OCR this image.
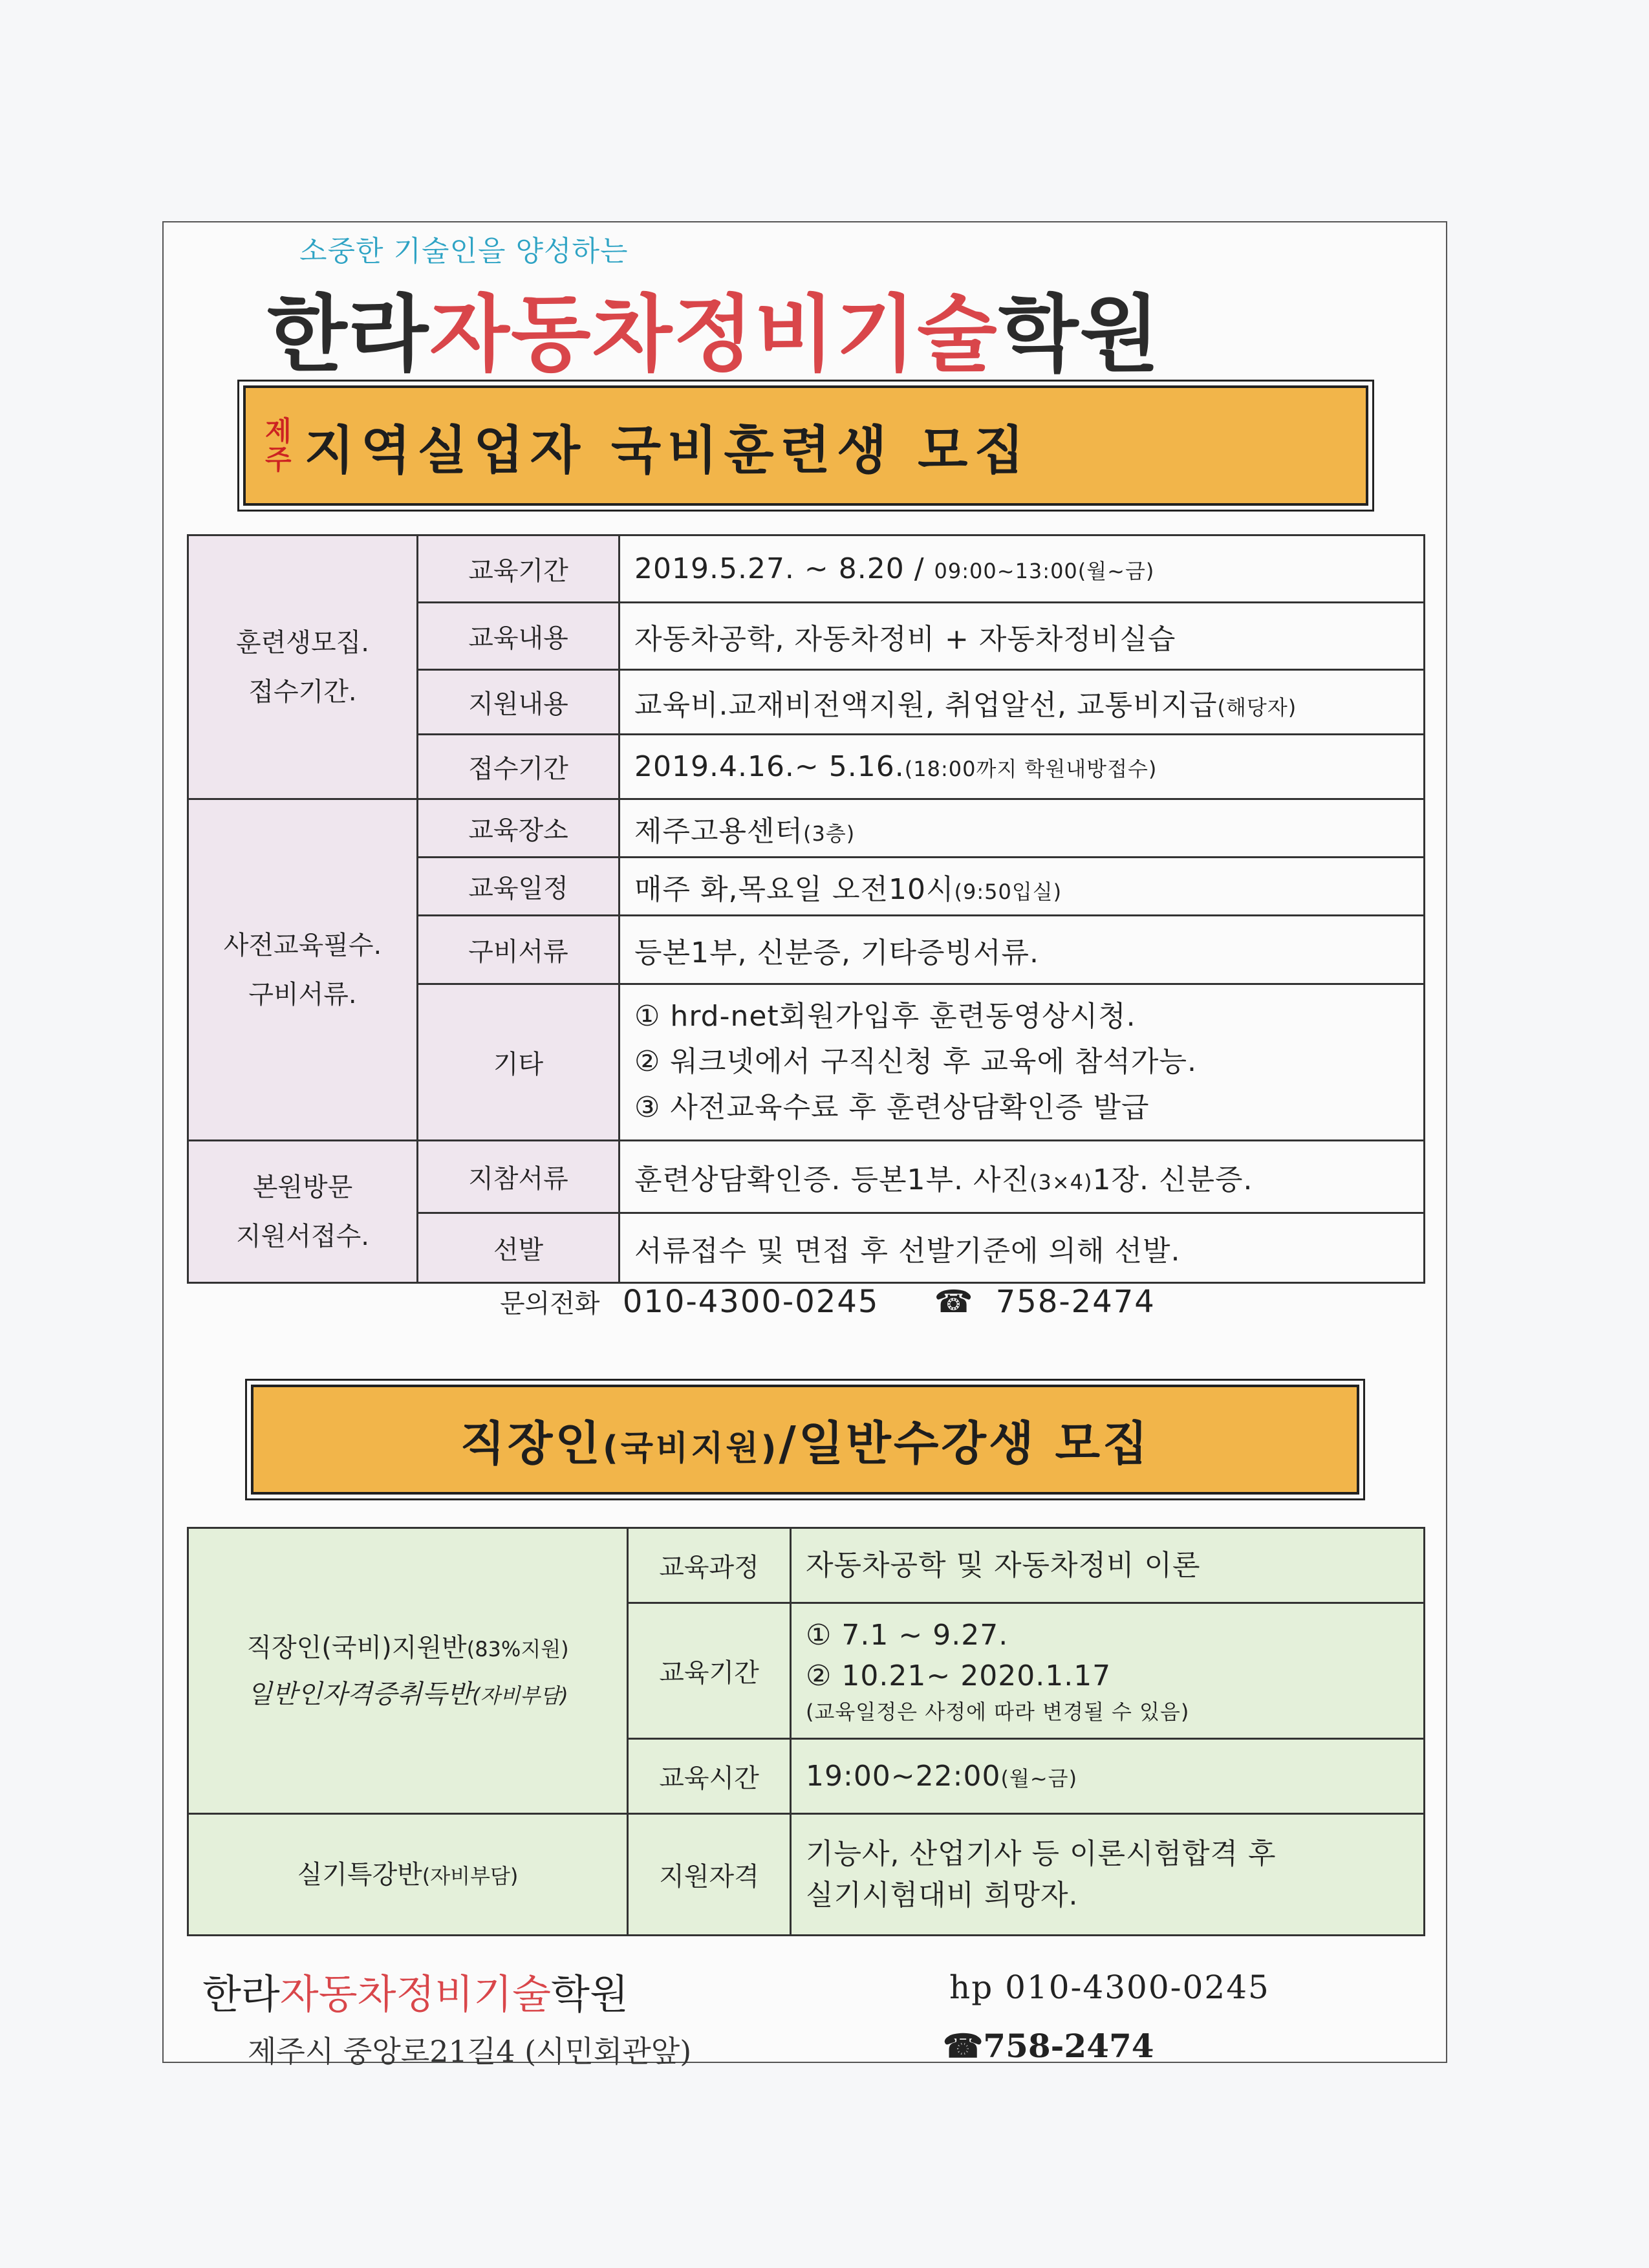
소중한 기술인을 양성하는
한라자동차정비기술학원
제
주 지역실업자 국비훈련생 모집
훈련생모집.
접수기간.	교육기간	2019.5.27. ~ 8.20 / 09:00~13:00(월~금)
	교육내용	자동차공학, 자동차정비 + 자동차정비실습
	지원내용	교육비.교재비전액지원, 취업알선, 교통비지급(해당자)
	접수기간	2019.4.16.~ 5.16.(18:00까지 학원내방접수)

사전교육필수.
구비서류.	교육장소	제주고용센터(3층)
	교육일정	매주 화,목요일 오전10시(9:50입실)
	구비서류	등본1부, 신분증, 기타증빙서류.
	기타	① hrd-net회원가입후 훈련동영상시청.
② 워크넷에서 구직신청 후 교육에 참석가능.
③ 사전교육수료 후 훈련상담확인증 발급

본원방문
지원서접수.	지참서류	훈련상담확인증. 등본1부. 사진(3×4)1장. 신분증.
	선발	서류접수 및 면접 후 선발기준에 의해 선발.
문의전화 010-4300-0245 ☎ 758-2474
직장인(국비지원)/일반수강생 모집
직장인(국비)지원반(83%지원)
일반인자격증취득반(자비부담)	교육과정	자동차공학 및 자동차정비 이론
	교육기간	① 7.1 ~ 9.27.
② 10.21~ 2020.1.17
(교육일정은 사정에 따라 변경될 수 있음)

	교육시간	19:00~22:00(월~금)
실기특강반(자비부담)	지원자격	기능사, 산업기사 등 이론시험합격 후
실기시험대비 희망자.
한라자동차정비기술학원	hp 010-4300-0245
제주시 중앙로21길4 (시민회관앞)	☎758-2474
